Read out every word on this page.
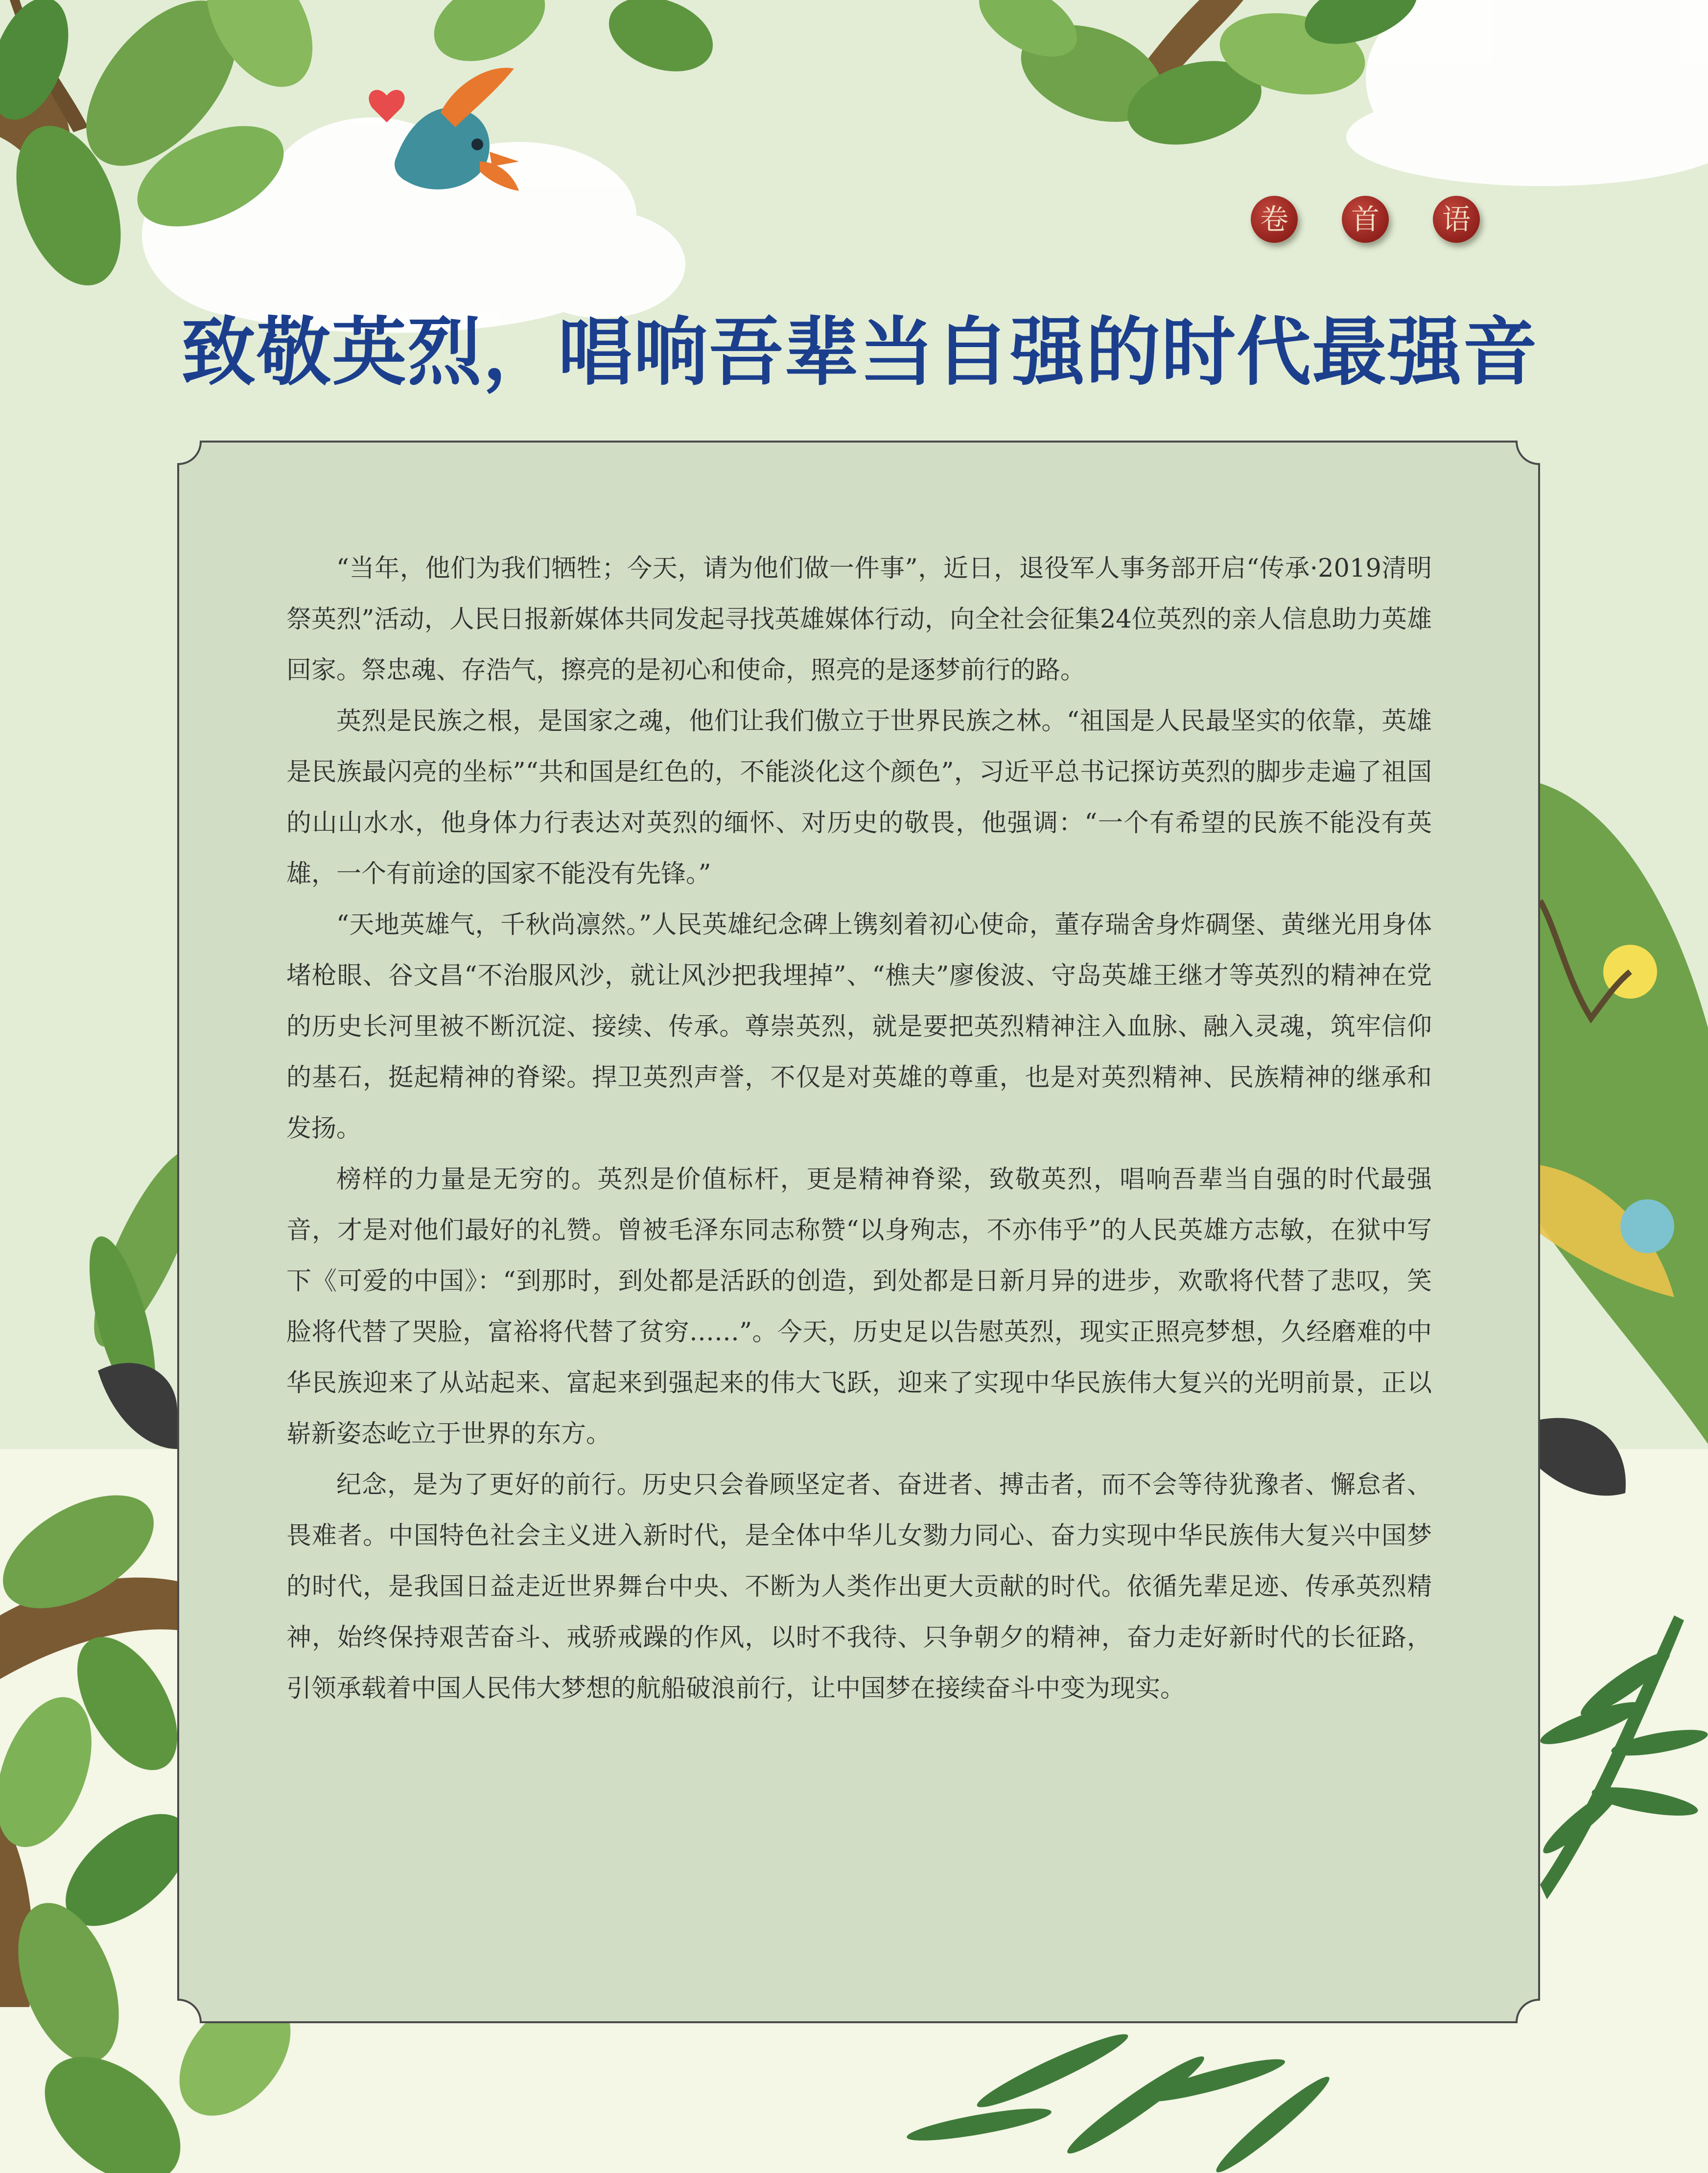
卷	首	语
致敬英烈，唱响吾辈当自强的时代最强音

“当年，他们为我们牺牲；今天，请为他们做一件事”，近日，退役军人事务部开启“传承·2019清明祭英烈”活动，人民日报新媒体共同发起寻找英雄媒体行动，向全社会征集24位英烈的亲人信息助力英雄回家。祭忠魂、存浩气，擦亮的是初心和使命，照亮的是逐梦前行的路。

英烈是民族之根，是国家之魂，他们让我们傲立于世界民族之林。“祖国是人民最坚实的依靠，英雄是民族最闪亮的坐标”“共和国是红色的，不能淡化这个颜色”，习近平总书记探访英烈的脚步走遍了祖国的山山水水，他身体力行表达对英烈的缅怀、对历史的敬畏，他强调：“一个有希望的民族不能没有英雄，一个有前途的国家不能没有先锋。”

“天地英雄气，千秋尚凛然。”人民英雄纪念碑上镌刻着初心使命，董存瑞舍身炸碉堡、黄继光用身体堵枪眼、谷文昌“不治服风沙，就让风沙把我埋掉”、“樵夫”廖俊波、守岛英雄王继才等英烈的精神在党的历史长河里被不断沉淀、接续、传承。尊崇英烈，就是要把英烈精神注入血脉、融入灵魂，筑牢信仰的基石，挺起精神的脊梁。捍卫英烈声誉，不仅是对英雄的尊重，也是对英烈精神、民族精神的继承和发扬。

榜样的力量是无穷的。英烈是价值标杆，更是精神脊梁，致敬英烈，唱响吾辈当自强的时代最强音，才是对他们最好的礼赞。曾被毛泽东同志称赞“以身殉志，不亦伟乎”的人民英雄方志敏，在狱中写下《可爱的中国》：“到那时，到处都是活跃的创造，到处都是日新月异的进步，欢歌将代替了悲叹，笑脸将代替了哭脸，富裕将代替了贫穷……”。今天，历史足以告慰英烈，现实正照亮梦想，久经磨难的中华民族迎来了从站起来、富起来到强起来的伟大飞跃，迎来了实现中华民族伟大复兴的光明前景，正以崭新姿态屹立于世界的东方。

纪念，是为了更好的前行。历史只会眷顾坚定者、奋进者、搏击者，而不会等待犹豫者、懈怠者、畏难者。中国特色社会主义进入新时代，是全体中华儿女勠力同心、奋力实现中华民族伟大复兴中国梦的时代，是我国日益走近世界舞台中央、不断为人类作出更大贡献的时代。依循先辈足迹、传承英烈精神，始终保持艰苦奋斗、戒骄戒躁的作风，以时不我待、只争朝夕的精神，奋力走好新时代的长征路，引领承载着中国人民伟大梦想的航船破浪前行，让中国梦在接续奋斗中变为现实。
